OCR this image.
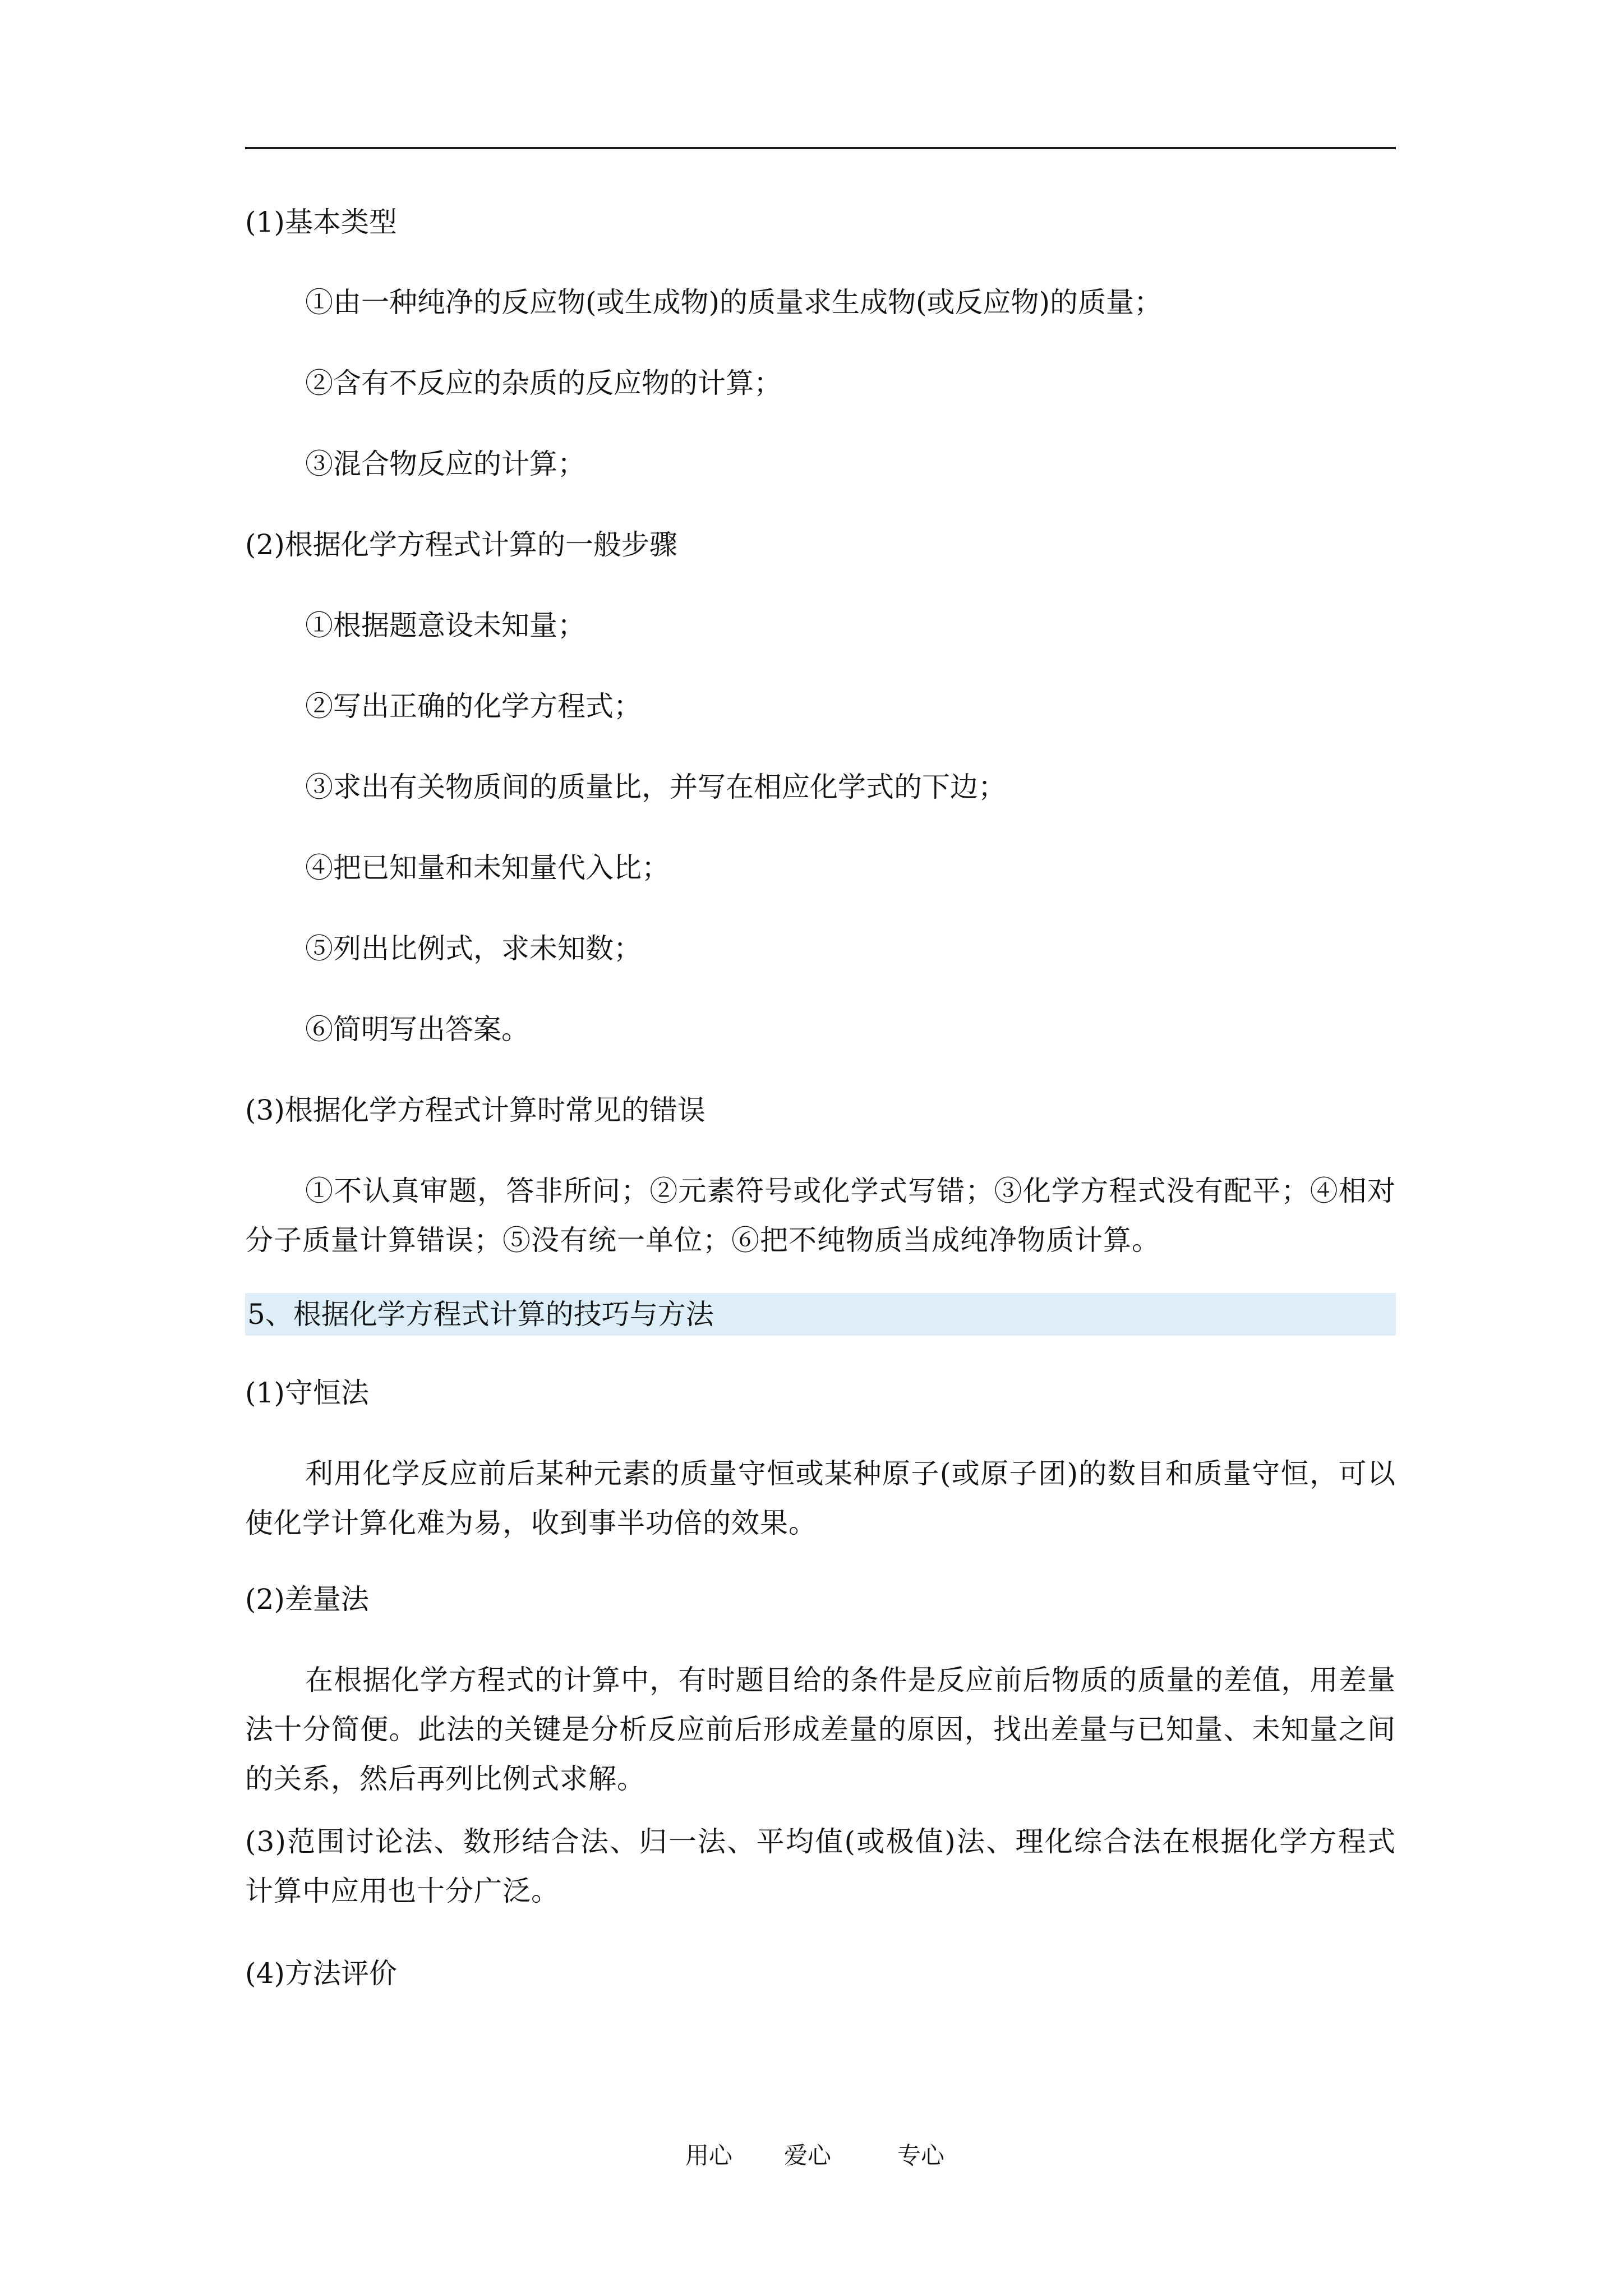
(1)基本类型
①由一种纯净的反应物(或生成物)的质量求生成物(或反应物)的质量；
②含有不反应的杂质的反应物的计算；
③混合物反应的计算；
(2)根据化学方程式计算的一般步骤
①根据题意设未知量；
②写出正确的化学方程式；
③求出有关物质间的质量比，并写在相应化学式的下边；
④把已知量和未知量代入比；
⑤列出比例式，求未知数；
⑥简明写出答案。
(3)根据化学方程式计算时常见的错误
①不认真审题，答非所问；②元素符号或化学式写错；③化学方程式没有配平；④相对分子质量计算错误；⑤没有统一单位；⑥把不纯物质当成纯净物质计算。
5、根据化学方程式计算的技巧与方法
(1)守恒法
利用化学反应前后某种元素的质量守恒或某种原子(或原子团)的数目和质量守恒，可以使化学计算化难为易，收到事半功倍的效果。
(2)差量法
在根据化学方程式的计算中，有时题目给的条件是反应前后物质的质量的差值，用差量法十分简便。此法的关键是分析反应前后形成差量的原因，找出差量与已知量、未知量之间的关系，然后再列比例式求解。
(3)范围讨论法、数形结合法、归一法、平均值(或极值)法、理化综合法在根据化学方程式计算中应用也十分广泛。
(4)方法评价
用心 爱心	专心
